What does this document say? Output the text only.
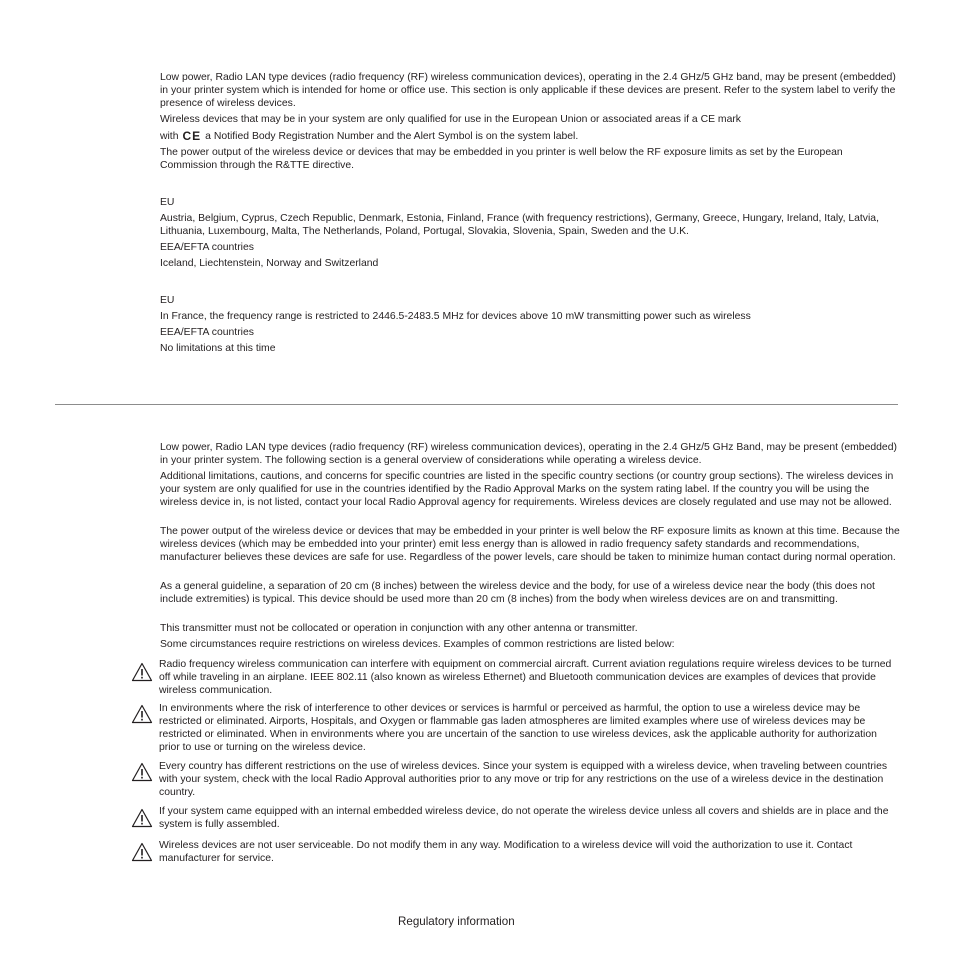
Low power, Radio LAN type devices (radio frequency (RF) wireless communication devices), operating in the 2.4 GHz/5 GHz band, may be present (embedded) in your printer system which is intended for home or office use. This section is only applicable if these devices are present. Refer to the system label to verify the presence of wireless devices.

Wireless devices that may be in your system are only qualified for use in the European Union or associated areas if a CE mark

with CE a Notified Body Registration Number and the Alert Symbol is on the system label.

The power output of the wireless device or devices that may be embedded in you printer is well below the RF exposure limits as set by the European Commission through the R&TTE directive.

EU

Austria, Belgium, Cyprus, Czech Republic, Denmark, Estonia, Finland, France (with frequency restrictions), Germany, Greece, Hungary, Ireland, Italy, Latvia, Lithuania, Luxembourg, Malta, The Netherlands, Poland, Portugal, Slovakia, Slovenia, Spain, Sweden and the U.K.

EEA/EFTA countries

Iceland, Liechtenstein, Norway and Switzerland

EU

In France, the frequency range is restricted to 2446.5-2483.5 MHz for devices above 10 mW transmitting power such as wireless

EEA/EFTA countries

No limitations at this time

Low power, Radio LAN type devices (radio frequency (RF) wireless communication devices), operating in the 2.4 GHz/5 GHz Band, may be present (embedded) in your printer system. The following section is a general overview of considerations while operating a wireless device.

Additional limitations, cautions, and concerns for specific countries are listed in the specific country sections (or country group sections). The wireless devices in your system are only qualified for use in the countries identified by the Radio Approval Marks on the system rating label. If the country you will be using the wireless device in, is not listed, contact your local Radio Approval agency for requirements. Wireless devices are closely regulated and use may not be allowed.

The power output of the wireless device or devices that may be embedded in your printer is well below the RF exposure limits as known at this time. Because the wireless devices (which may be embedded into your printer) emit less energy than is allowed in radio frequency safety standards and recommendations, manufacturer believes these devices are safe for use. Regardless of the power levels, care should be taken to minimize human contact during normal operation.

As a general guideline, a separation of 20 cm (8 inches) between the wireless device and the body, for use of a wireless device near the body (this does not include extremities) is typical. This device should be used more than 20 cm (8 inches) from the body when wireless devices are on and transmitting.

This transmitter must not be collocated or operation in conjunction with any other antenna or transmitter.

Some circumstances require restrictions on wireless devices. Examples of common restrictions are listed below:

Radio frequency wireless communication can interfere with equipment on commercial aircraft. Current aviation regulations require wireless devices to be turned off while traveling in an airplane. IEEE 802.11 (also known as wireless Ethernet) and Bluetooth communication devices are examples of devices that provide wireless communication.

In environments where the risk of interference to other devices or services is harmful or perceived as harmful, the option to use a wireless device may be restricted or eliminated. Airports, Hospitals, and Oxygen or flammable gas laden atmospheres are limited examples where use of wireless devices may be restricted or eliminated. When in environments where you are uncertain of the sanction to use wireless devices, ask the applicable authority for authorization prior to use or turning on the wireless device.

Every country has different restrictions on the use of wireless devices. Since your system is equipped with a wireless device, when traveling between countries with your system, check with the local Radio Approval authorities prior to any move or trip for any restrictions on the use of a wireless device in the destination country.

If your system came equipped with an internal embedded wireless device, do not operate the wireless device unless all covers and shields are in place and the system is fully assembled.

Wireless devices are not user serviceable. Do not modify them in any way. Modification to a wireless device will void the authorization to use it. Contact manufacturer for service.

Regulatory information
